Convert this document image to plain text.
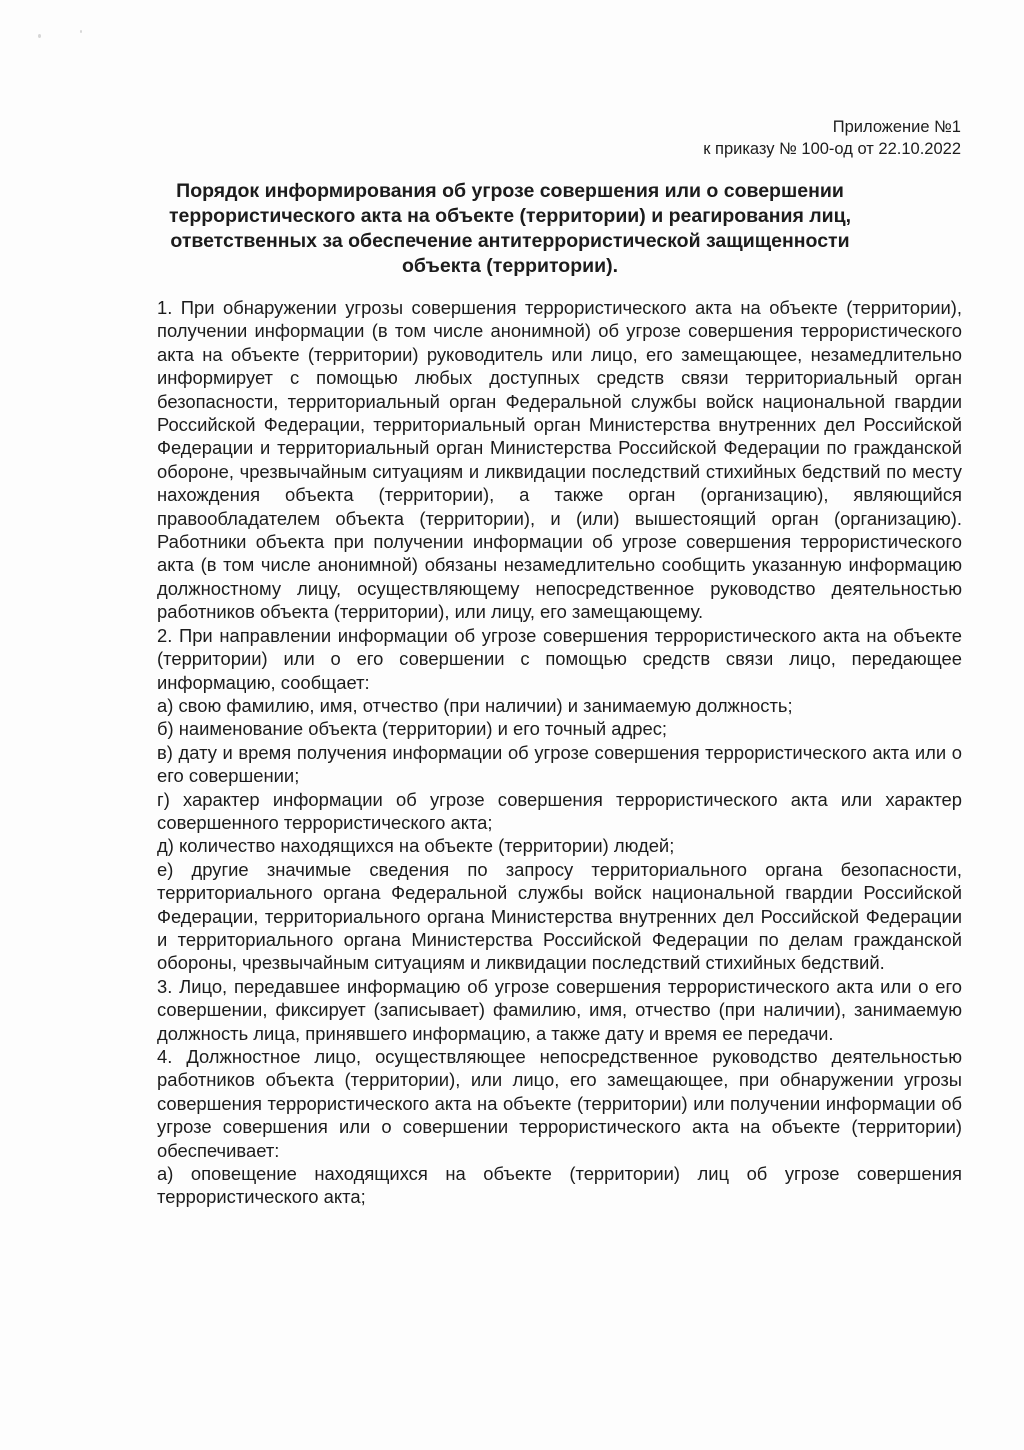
Приложение №1
к приказу № 100-од от 22.10.2022
Порядок информирования об угрозе совершения или о совершении террористического акта на объекте (территории) и реагирования лиц, ответственных за обеспечение антитеррористической защищенности объекта (территории).

1. При обнаружении угрозы совершения террористического акта на объекте (территории), получении информации (в том числе анонимной) об угрозе совершения террористического акта на объекте (территории) руководитель или лицо, его замещающее, незамедлительно информирует с помощью любых доступных средств связи территориальный орган безопасности, территориальный орган Федеральной службы войск национальной гвардии Российской Федерации, территориальный орган Министерства внутренних дел Российской Федерации и территориальный орган Министерства Российской Федерации по гражданской обороне, чрезвычайным ситуациям и ликвидации последствий стихийных бедствий по месту нахождения объекта (территории), а также орган (организацию), являющийся правообладателем объекта (территории), и (или) вышестоящий орган (организацию). Работники объекта при получении информации об угрозе совершения террористического акта (в том числе анонимной) обязаны незамедлительно сообщить указанную информацию должностному лицу, осуществляющему непосредственное руководство деятельностью работников объекта (территории), или лицу, его замещающему.

2. При направлении информации об угрозе совершения террористического акта на объекте (территории) или о его совершении с помощью средств связи лицо, передающее информацию, сообщает:

а) свою фамилию, имя, отчество (при наличии) и занимаемую должность;

б) наименование объекта (территории) и его точный адрес;

в) дату и время получения информации об угрозе совершения террористического акта или о его совершении;

г) характер информации об угрозе совершения террористического акта или характер совершенного террористического акта;

д) количество находящихся на объекте (территории) людей;

е) другие значимые сведения по запросу территориального органа безопасности, территориального органа Федеральной службы войск национальной гвардии Российской Федерации, территориального органа Министерства внутренних дел Российской Федерации и территориального органа Министерства Российской Федерации по делам гражданской обороны, чрезвычайным ситуациям и ликвидации последствий стихийных бедствий.

3. Лицо, передавшее информацию об угрозе совершения террористического акта или о его совершении, фиксирует (записывает) фамилию, имя, отчество (при наличии), занимаемую должность лица, принявшего информацию, а также дату и время ее передачи.

4. Должностное лицо, осуществляющее непосредственное руководство деятельностью работников объекта (территории), или лицо, его замещающее, при обнаружении угрозы совершения террористического акта на объекте (территории) или получении информации об угрозе совершения или о совершении террористического акта на объекте (территории) обеспечивает:

а) оповещение находящихся на объекте (территории) лиц об угрозе совершения террористического акта;
